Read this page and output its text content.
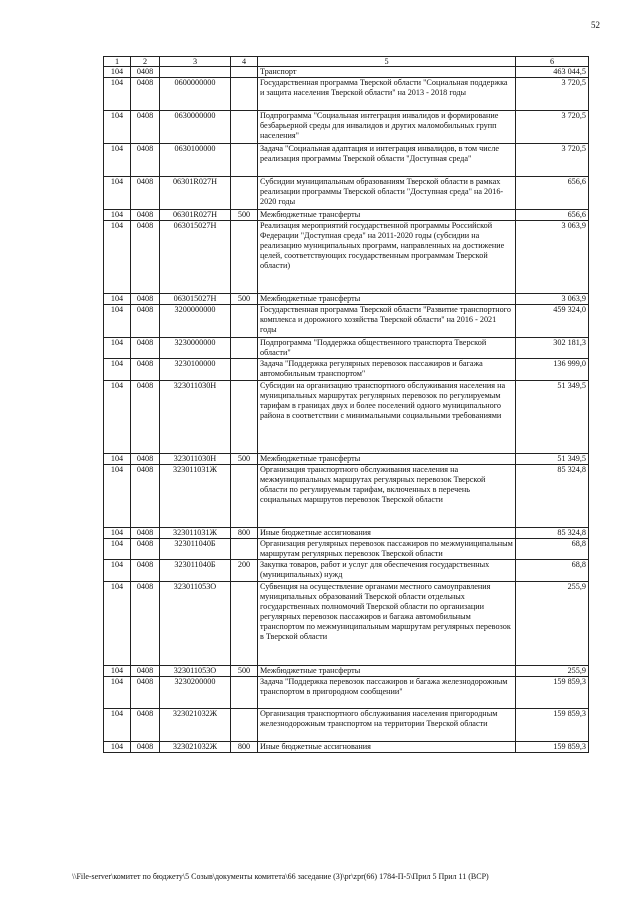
52
1	2	3	4	5	6
104	0408			Транспорт	463 044,5
104	0408	0600000000		Государственная программа Тверской области "Социальная поддержка и защита населения Тверской области" на 2013 - 2018 годы	3 720,5
104	0408	0630000000		Подпрограмма "Социальная интеграция инвалидов и формирование безбарьерной среды для инвалидов и других маломобильных групп населения"	3 720,5
104	0408	0630100000		Задача "Социальная адаптация и интеграция инвалидов, в том числе реализация программы Тверской области "Доступная среда"	3 720,5
104	0408	06301R027H		Субсидии муниципальным образованиям Тверской области в рамках реализации программы Тверской области "Доступная среда" на 2016-2020 годы	656,6
104	0408	06301R027H	500	Межбюджетные трансферты	656,6
104	0408	063015027H		Реализация мероприятий государственной программы Российской Федерации "Доступная среда" на 2011-2020 годы (субсидии на реализацию муниципальных программ, направленных на достижение целей, соответствующих государственным программам Тверской области)	3 063,9
104	0408	063015027H	500	Межбюджетные трансферты	3 063,9
104	0408	3200000000		Государственная программа Тверской области "Развитие транспортного комплекса и дорожного хозяйства Тверской области" на 2016 - 2021 годы	459 324,0
104	0408	3230000000		Подпрограмма "Поддержка общественного транспорта Тверской области"	302 181,3
104	0408	3230100000		Задача "Поддержка регулярных перевозок пассажиров и багажа автомобильным транспортом"	136 999,0
104	0408	323011030H		Субсидии на организацию транспортного обслуживания населения на муниципальных маршрутах регулярных перевозок по регулируемым тарифам в границах двух и более поселений одного муниципального района в соответствии с минимальными социальными требованиями	51 349,5
104	0408	323011030H	500	Межбюджетные трансферты	51 349,5
104	0408	323011031Ж		Организация транспортного обслуживания населения на межмуниципальных маршрутах регулярных перевозок Тверской области по регулируемым тарифам, включенных в перечень социальных маршрутов перевозок Тверской области	85 324,8
104	0408	323011031Ж	800	Иные бюджетные ассигнования	85 324,8
104	0408	323011040Б		Организация регулярных перевозок пассажиров по межмуниципальным маршрутам регулярных перевозок Тверской области	68,8
104	0408	323011040Б	200	Закупка товаров, работ и услуг для обеспечения государственных (муниципальных) нужд	68,8
104	0408	323011053О		Субвенция на осуществление органами местного самоуправления муниципальных образований Тверской области отдельных государственных полномочий Тверской области по организации регулярных перевозок пассажиров и багажа автомобильным транспортом по межмуниципальным маршрутам регулярных перевозок в Тверской области	255,9
104	0408	323011053О	500	Межбюджетные трансферты	255,9
104	0408	3230200000		Задача "Поддержка перевозок пассажиров и багажа железнодорожным транспортом в пригородном сообщении"	159 859,3
104	0408	323021032Ж		Организация транспортного обслуживания населения пригородным железнодорожным транспортом на территории Тверской области	159 859,3
104	0408	323021032Ж	800	Иные бюджетные ассигнования	159 859,3
\\File-server\комитет по бюджету\5 Созыв\документы комитета\66 заседание (3)\pr\zpr(66) 1784-П-5\Прил 5 Прил 11 (ВСР)
